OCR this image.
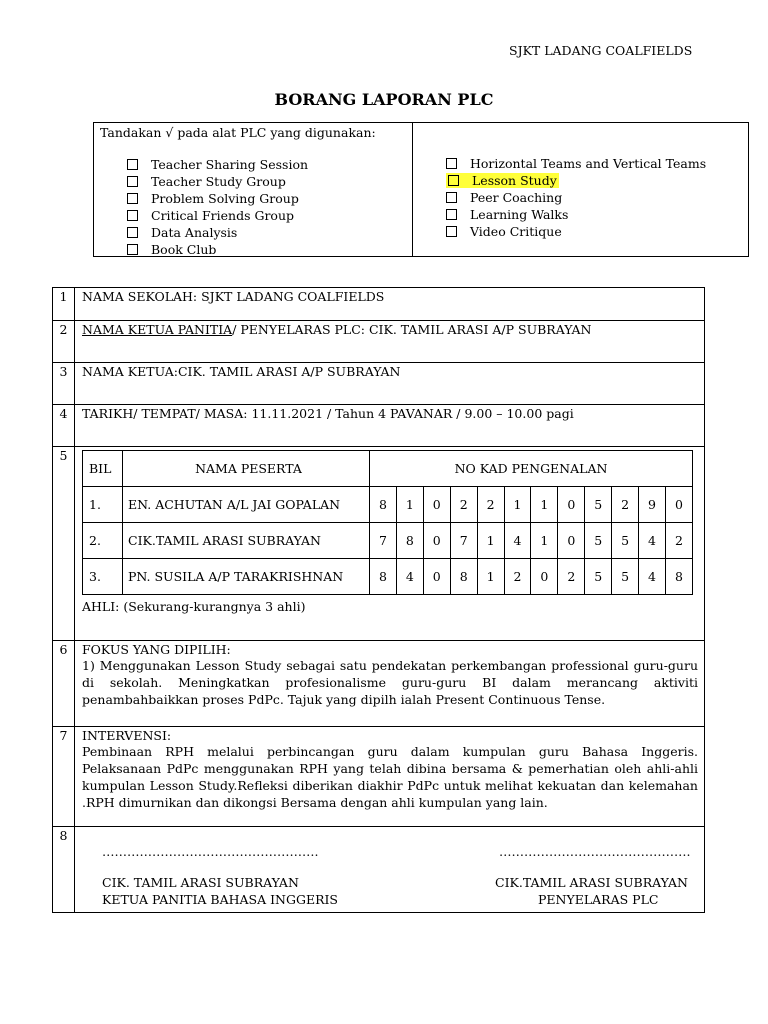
SJKT LADANG COALFIELDS
BORANG LAPORAN PLC
Tandakan √ pada alat PLC yang digunakan:
Teacher Sharing Session
Teacher Study Group
Problem Solving Group
Critical Friends Group
Data Analysis
Book Club
Horizontal Teams and Vertical Teams
Lesson Study
Peer Coaching
Learning Walks
Video Critique
1	NAMA SEKOLAH: SJKT LADANG COALFIELDS
2	NAMA KETUA PANITIA/ PENYELARAS PLC: CIK. TAMIL ARASI A/P SUBRAYAN
3	NAMA KETUA:CIK. TAMIL ARASI A/P SUBRAYAN
4	TARIKH/ TEMPAT/ MASA: 11.11.2021 / Tahun 4 PAVANAR / 9.00 – 10.00 pagi
5	
BIL	NAMA PESERTA	NO KAD PENGENALAN
1.	EN. ACHUTAN A/L JAI GOPALAN	8	1	0	2	2	1	1	0	5	2	9	0
2.	CIK.TAMIL ARASI SUBRAYAN	7	8	0	7	1	4	1	0	5	5	4	2
3.	PN. SUSILA A/P TARAKRISHNAN	8	4	0	8	1	2	0	2	5	5	4	8
AHLI: (Sekurang-kurangnya 3 ahli)

6	FOKUS YANG DIPILIH:
1) Menggunakan Lesson Study sebagai satu pendekatan perkembangan professional guru-guru di sekolah. Meningkatkan profesionalisme guru-guru BI dalam merancang aktiviti penambahbaikkan proses PdPc. Tajuk yang dipilh ialah Present Continuous Tense.

7	INTERVENSI:
Pembinaan RPH melalui perbincangan guru dalam kumpulan guru Bahasa Inggeris. Pelaksanaan PdPc menggunakan RPH yang telah dibina bersama & pemerhatian oleh ahli-ahli kumpulan Lesson Study.Refleksi diberikan diakhir PdPc untuk melihat kekuatan dan kelemahan .RPH dimurnikan dan dikongsi Bersama dengan ahli kumpulan yang lain.

8	
…………………………………………….	……………………………………….
CIK. TAMIL ARASI SUBRAYAN
KETUA PANITIA BAHASA INGGERIS
CIK.TAMIL ARASI SUBRAYAN
PENYELARAS PLC
